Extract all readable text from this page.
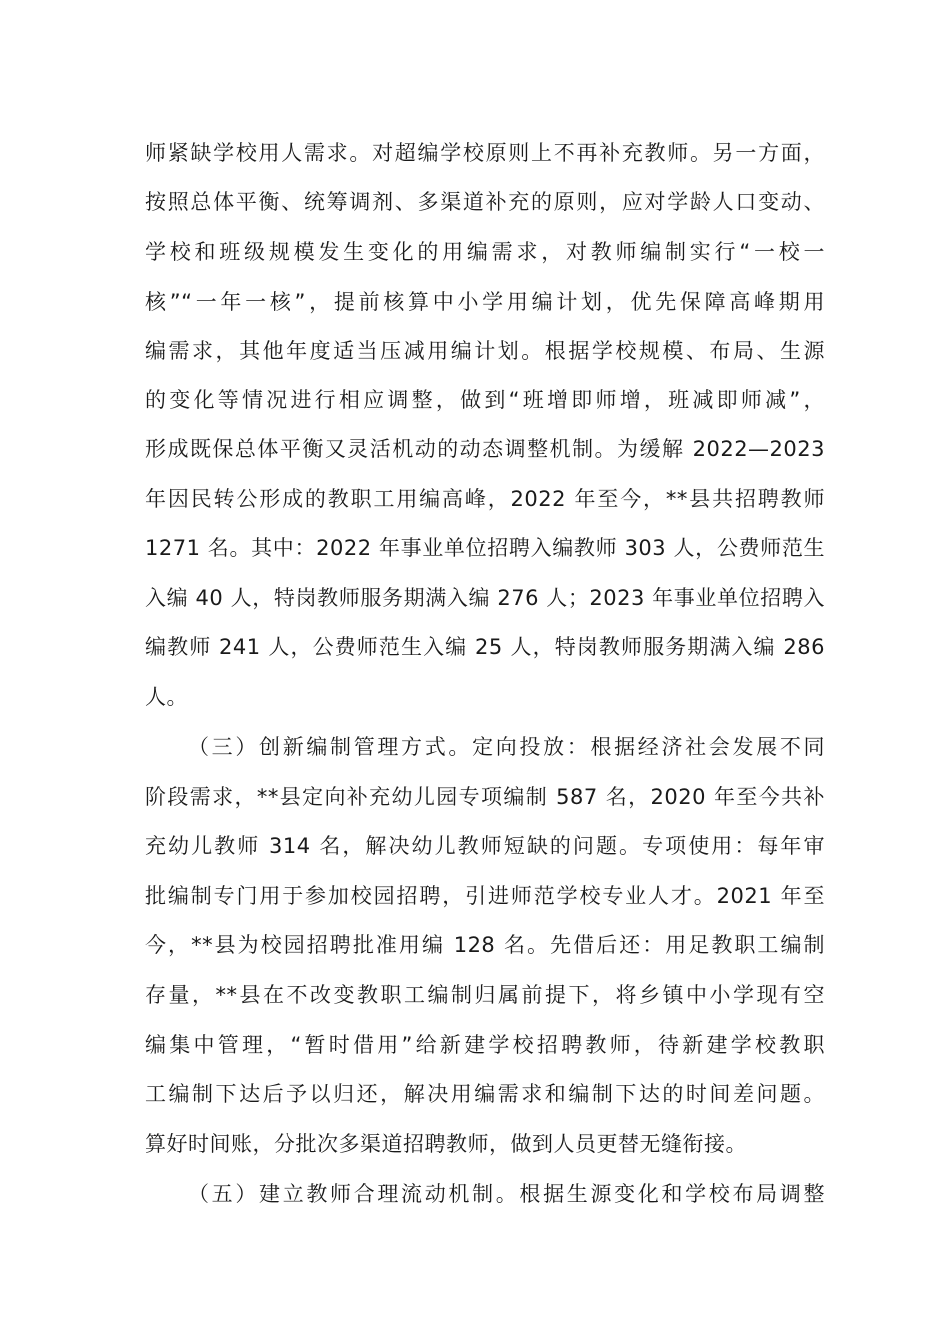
师紧缺学校用人需求。对超编学校原则上不再补充教师。另一方面，
按照总体平衡、统筹调剂、多渠道补充的原则，应对学龄人口变动、
学校和班级规模发生变化的用编需求，对教师编制实行“一校一
核”“一年一核”，提前核算中小学用编计划，优先保障高峰期用
编需求，其他年度适当压减用编计划。根据学校规模、布局、生源
的变化等情况进行相应调整，做到“班增即师增，班减即师减”，
形成既保总体平衡又灵活机动的动态调整机制。为缓解 2022—2023
年因民转公形成的教职工用编高峰，2022 年至今，**县共招聘教师
1271 名。其中：2022 年事业单位招聘入编教师 303 人，公费师范生
入编 40 人，特岗教师服务期满入编 276 人；2023 年事业单位招聘入
编教师 241 人，公费师范生入编 25 人，特岗教师服务期满入编 286
人。
（三）创新编制管理方式。定向投放：根据经济社会发展不同
阶段需求，**县定向补充幼儿园专项编制 587 名，2020 年至今共补
充幼儿教师 314 名，解决幼儿教师短缺的问题。专项使用：每年审
批编制专门用于参加校园招聘，引进师范学校专业人才。2021 年至
今，**县为校园招聘批准用编 128 名。先借后还：用足教职工编制
存量，**县在不改变教职工编制归属前提下，将乡镇中小学现有空
编集中管理，“暂时借用”给新建学校招聘教师，待新建学校教职
工编制下达后予以归还，解决用编需求和编制下达的时间差问题。
算好时间账，分批次多渠道招聘教师，做到人员更替无缝衔接。
（五）建立教师合理流动机制。根据生源变化和学校布局调整
